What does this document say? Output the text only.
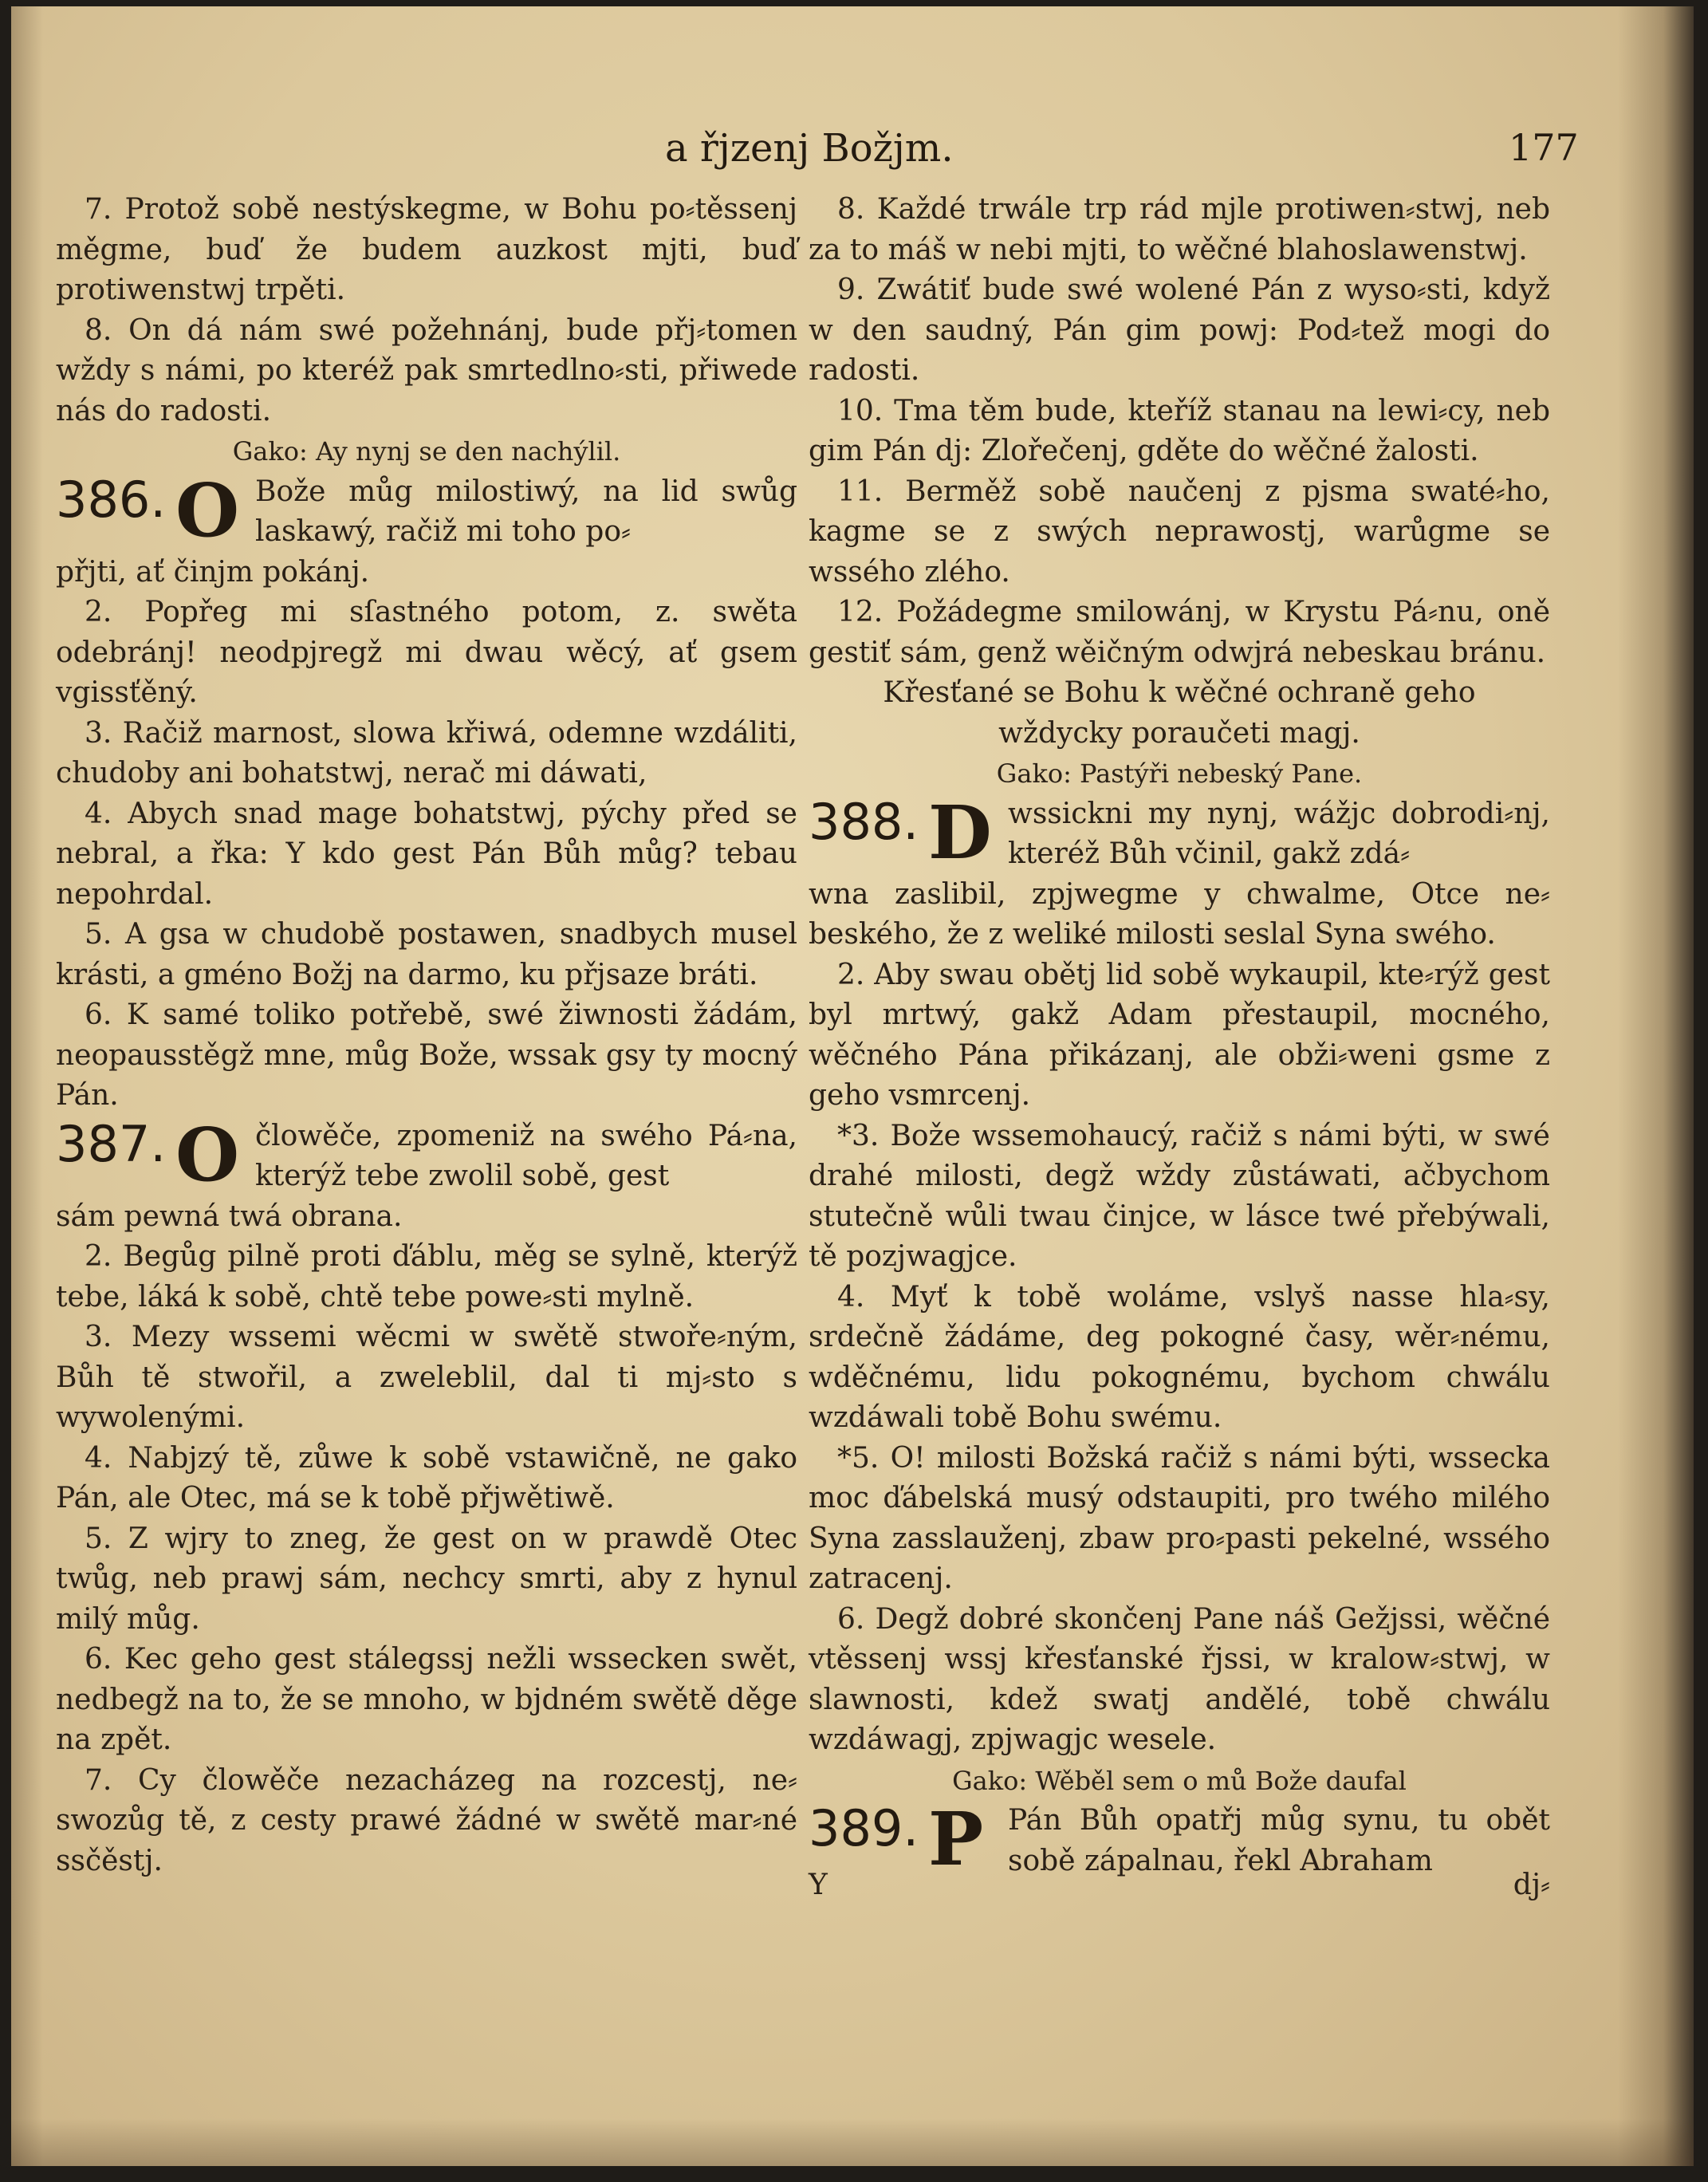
a řjzenj Božjm.	177

7. Protož sobě nestýskegme, w Bohu po⸗těssenj měgme, buď že budem auzkost mjti, buď protiwenstwj trpěti.

8. On dá nám swé požehnánj, bude přj⸗tomen wždy s námi, po kteréž pak smrtedlno⸗sti, přiwede nás do radosti.

Gako: Ay nynj se den nachýlil.

386. O Bože můg milostiwý, na lid swůg laskawý, račiž mi toho po⸗

přjti, ať činjm pokánj.

2. Popřeg mi sſastného potom, z. swěta odebránj! neodpjregž mi dwau wěcý, ať gsem vgissťěný.

3. Račiž marnost, slowa křiwá, odemne wzdáliti, chudoby ani bohatstwj, nerač mi dáwati,

4. Abych snad mage bohatstwj, pýchy před se nebral, a řka: Y kdo gest Pán Bůh můg? tebau nepohrdal.

5. A gsa w chudobě postawen, snadbych musel krásti, a gméno Božj na darmo, ku přjsaze bráti.

6. K samé toliko potřebě, swé žiwnosti žádám, neopausstěgž mne, můg Bože, wssak gsy ty mocný Pán.

387. O člowěče, zpomeniž na swého Pá⸗na, kterýž tebe zwolil sobě, gest

sám pewná twá obrana.

2. Begůg pilně proti ďáblu, měg se sylně, kterýž tebe, láká k sobě, chtě tebe powe⸗sti mylně.

3. Mezy wssemi wěcmi w swětě stwoře⸗ným, Bůh tě stwořil, a zweleblil, dal ti mj⸗sto s wywolenými.

4. Nabjzý tě, zůwe k sobě vstawičně, ne gako Pán, ale Otec, má se k tobě přjwětiwě.

5. Z wjry to zneg, že gest on w prawdě Otec twůg, neb prawj sám, nechcy smrti, aby z hynul milý můg.

6. Kec geho gest stálegssj nežli wssecken swět, nedbegž na to, že se mnoho, w bjdném swětě děge na zpět.

7. Cy člowěče nezacházeg na rozcestj, ne⸗swozůg tě, z cesty prawé žádné w swětě mar⸗né ssčěstj.

8. Každé trwále trp rád mjle protiwen⸗stwj, neb za to máš w nebi mjti, to wěčné blahoslawenstwj.

9. Zwátiť bude swé wolené Pán z wyso⸗sti, když w den saudný, Pán gim powj: Pod⸗tež mogi do radosti.

10. Tma těm bude, kteříž stanau na lewi⸗cy, neb gim Pán dj: Zlořečenj, gděte do wěčné žalosti.

11. Berměž sobě naučenj z pjsma swaté⸗ho, kagme se z swých neprawostj, warůgme se wssého zlého.

12. Požádegme smilowánj, w Krystu Pá⸗nu, oně gestiť sám, genž wěičným odwjrá nebeskau bránu.

Křesťané se Bohu k wěčné ochraně geho

wždycky poraučeti magj.

Gako: Pastýři nebeský Pane.

388. D wssickni my nynj, wážjc dobrodi⸗nj, kteréž Bůh včinil, gakž zdá⸗

wna zaslibil, zpjwegme y chwalme, Otce ne⸗beského, že z weliké milosti seslal Syna swého.

2. Aby swau obětj lid sobě wykaupil, kte⸗rýž gest byl mrtwý, gakž Adam přestaupil, mocného, wěčného Pána přikázanj, ale obži⸗weni gsme z geho vsmrcenj.

*3. Bože wssemohaucý, račiž s námi býti, w swé drahé milosti, degž wždy zůstáwati, ačbychom stutečně wůli twau činjce, w lásce twé přebýwali, tě pozjwagjce.

4. Myť k tobě woláme, vslyš nasse hla⸗sy, srdečně žádáme, deg pokogné časy, wěr⸗nému, wděčnému, lidu pokognému, bychom chwálu wzdáwali tobě Bohu swému.

*5. O! milosti Božská račiž s námi býti, wssecka moc ďábelská musý odstaupiti, pro twého milého Syna zasslauženj, zbaw pro⸗pasti pekelné, wssého zatracenj.

6. Degž dobré skončenj Pane náš Gežjssi, wěčné vtěssenj wssj křesťanské řjssi, w kralow⸗stwj, w slawnosti, kdež swatj andělé, tobě chwálu wzdáwagj, zpjwagjc wesele.

Gako: Wěběl sem o mů Bože daufal

389. P Pán Bůh opatřj můg synu, tu obět sobě zápalnau, řekl Abraham

Y	dj⸗
